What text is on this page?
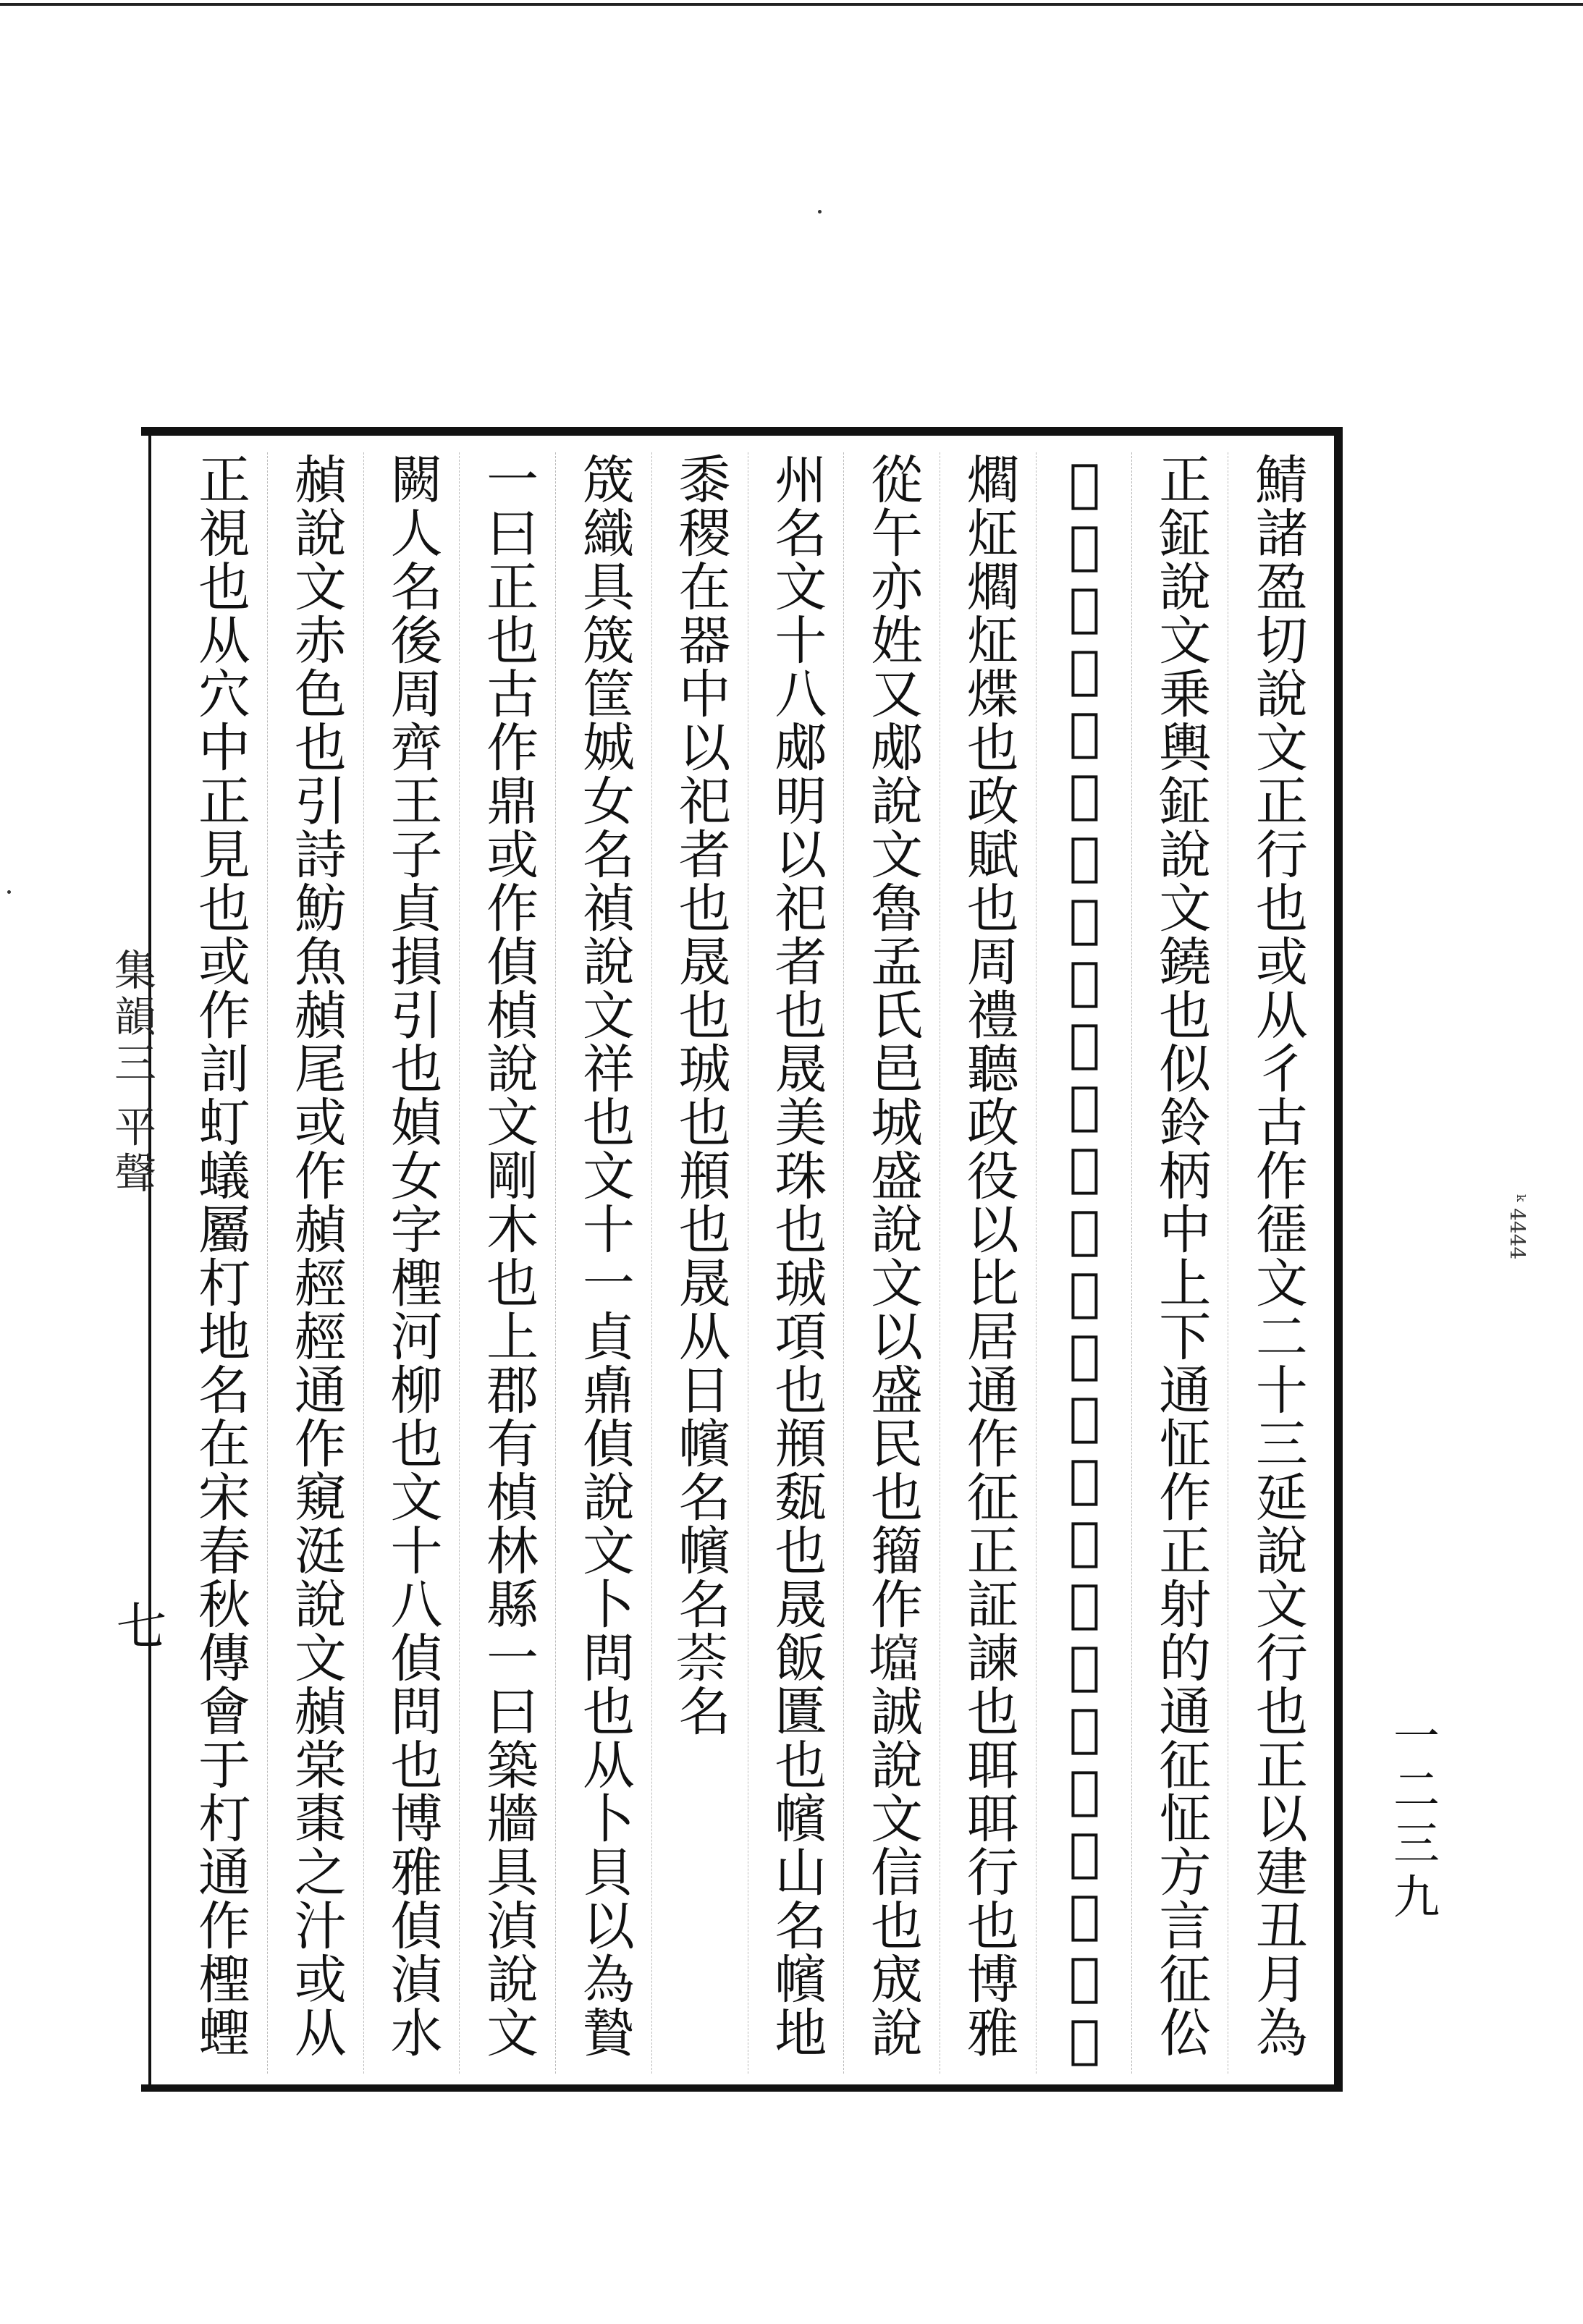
鯖諸盈切說文正行也或从彳古作徰文二十三延說文行也正以建丑月為
正鉦說文乗輿鉦說文鐃也似鈴柄中上下通怔作正射的通征怔方言征伀
𥄂正視也𥄂眐獨征征衳小兒衣也䳌鳥名方言齊魯間謂題肩為
爓炡爓炡煠也政賦也周禮聽政役以比居通作征正証諫也聑聑行也博雅
從午亦姓又郕說文魯孟氏邑城盛說文以盛民也籀作𡑣誠說文信也宬說
州名文十八郕明以祀者也晟美珠也珹項也頩瓾也晟飯匱也㡦山名㡦地
黍稷在器中以祀者也晟也珹也頩也晟从日㡦名㡦名𦯬名
筬織具筬筐娍女名禎說文祥也文十一貞鼑偵說文卜問也从卜貝以為贄
一曰正也古作鼎或作偵楨說文剛木也上郡有楨林縣一曰築牆具湞說文
闕人名後周齊王子貞損引也媜女字檉河柳也文十八偵問也博雅偵湞水
赬說文赤色也引詩魴魚赬尾或作赬䞓䞓通作窺涏說文赬棠棗之汁或从
正視也从穴中正見也或作䚯虰蟻屬朾地名在宋春秋傳會于朾通作檉蟶
集韻三 平聲
七
一二三九
ᵏ 4444
